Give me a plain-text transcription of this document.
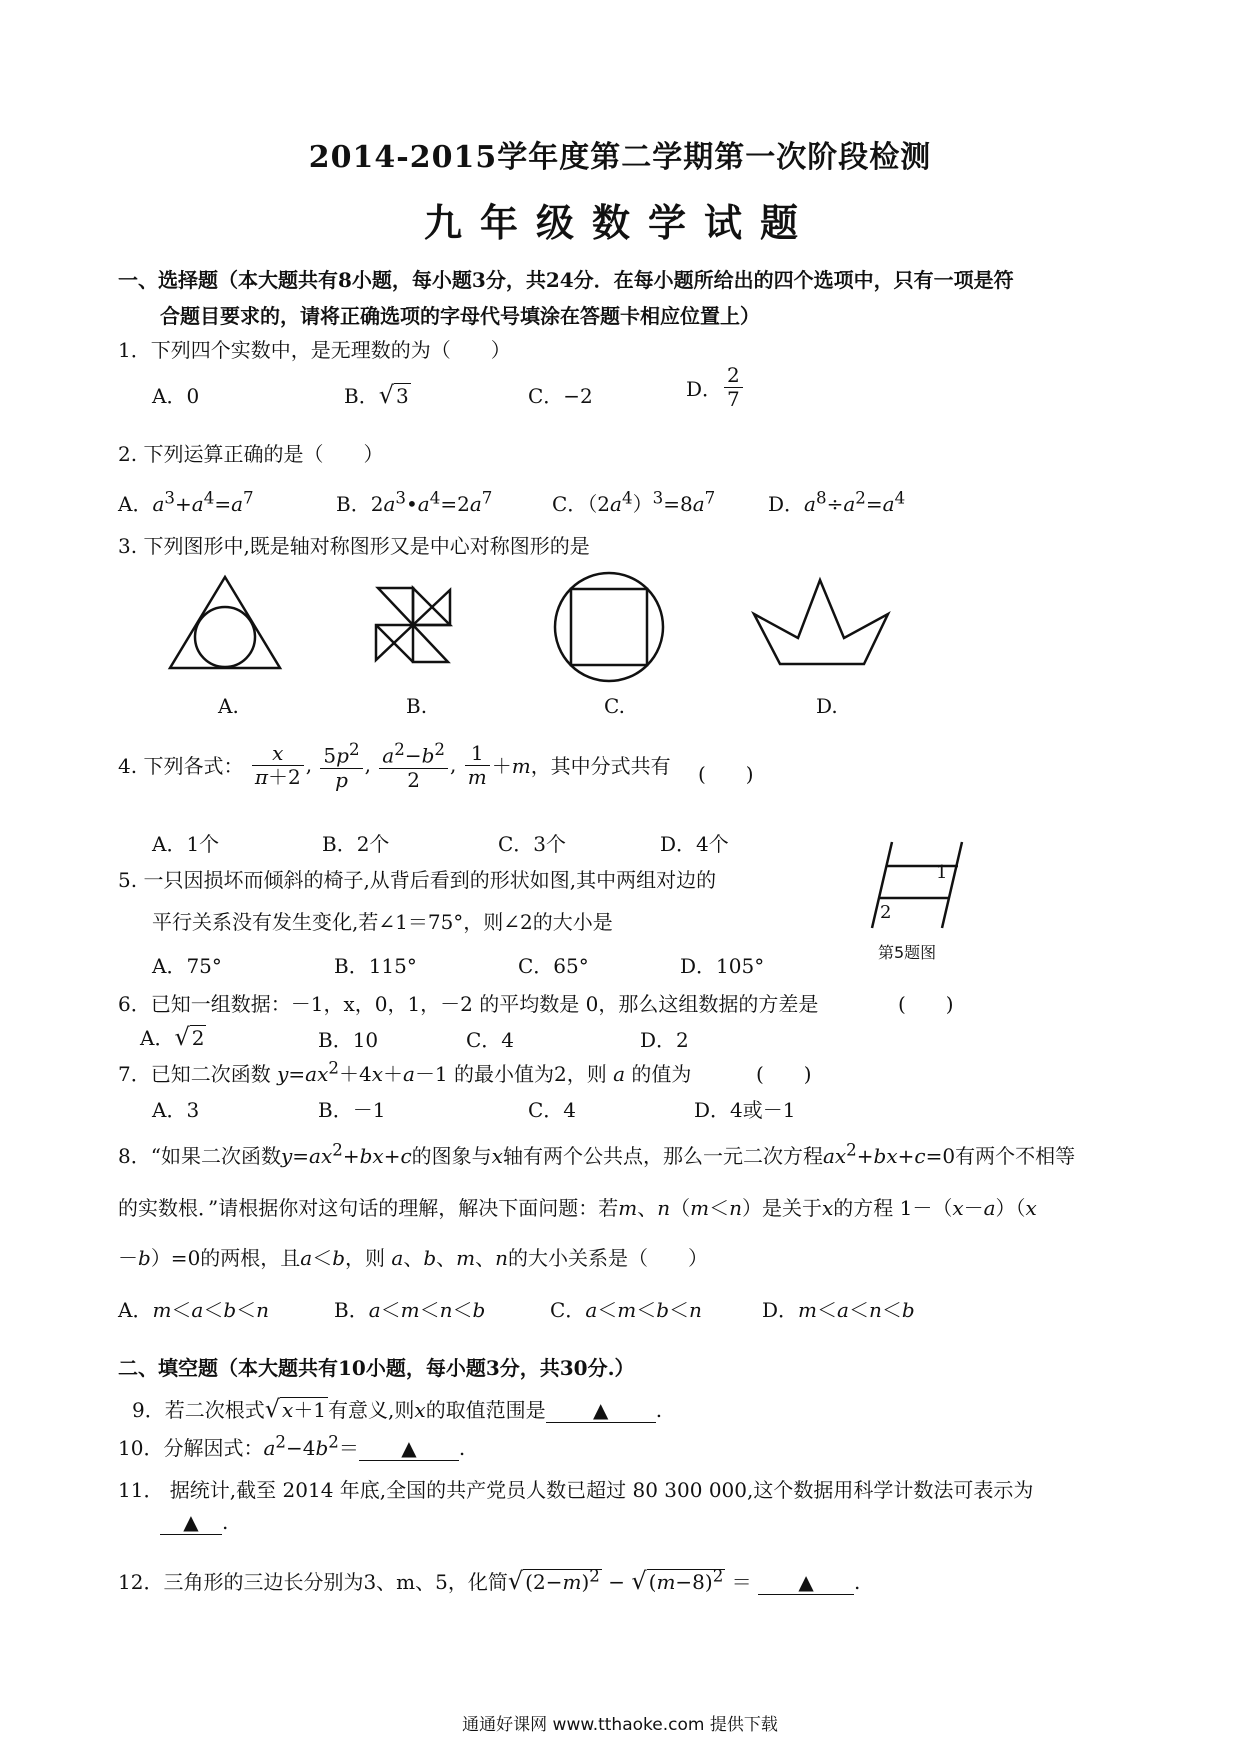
2014-2015学年度第二学期第一次阶段检测
九年级数学试题
一、选择题（本大题共有8小题，每小题3分，共24分．在每小题所给出的四个选项中，只有一项是符
合题目要求的，请将正确选项的字母代号填涂在答题卡相应位置上）
1．下列四个实数中，是无理数的为（　　）
A．0	B．√ 3	C．−2	D． $\frac{2}{7}$
2. 下列运算正确的是（　　）
A．$a^3+a^4=a^7$	B．$2a^3•a^4=2a^7$	C．$(2a^4)^3=8a^7$	D．$a^8\div a^2=a^4$
3. 下列图形中,既是轴对称图形又是中心对称图形的是
A.	B.	C.	D.
4. 下列各式： $\frac{x}{\pi+2}$ , $\frac{5p^2}{p}$ , $\frac{a^2-b^2}{2}$ , $\frac{1}{m} +m$，其中分式共有 (　　)
A．1个	B．2个	C．3个	D．4个
5. 一只因损坏而倾斜的椅子,从背后看到的形状如图,其中两组对边的
平行关系没有发生变化,若∠1＝75°，则∠2的大小是
1
2
第5题图
A．75°	B．115°	C．65°	D．105°
6．已知一组数据：－1，x，0，1，－2 的平均数是 0，那么这组数据的方差是	(　　)
A．√ 2	B．10	C．4	D．2
7．已知二次函数 $y=ax^2+4x+a-1$ 的最小值为2，则 a 的值为	(　　)
A．3	B．－1	C．4	D．4或－1
8．“如果二次函数$y=ax^2+bx+c$的图象与x轴有两个公共点，那么一元二次方程$ax^2+bx+c=0$有两个不相等
的实数根．”请根据你对这句话的理解，解决下面问题：若m、n（m＜n）是关于x的方程 1－（x－a）（x
－b）=0的两根，且a＜b，则 a、b、m、n的大小关系是（　　）
A．m＜a＜b＜n	B．a＜m＜n＜b	C．a＜m＜b＜n	D．m＜a＜n＜b
二、填空题（本大题共有10小题，每小题3分，共30分.）
9．若二次根式√ x＋1 有意义,则x的取值范围是 ▲ .
10．分解因式：$a^2-4b^2=$ ▲ .
11． 据统计,截至 2014 年底,全国的共产党员人数已超过 80 300 000,这个数据用科学计数法可表示为
▲ .
12．三角形的三边长分别为3、m、5，化简√ $(2-m)^2$ − √ $(m-8)^2$ ＝ ▲ .
通通好课网 www.tthaoke.com 提供下载
